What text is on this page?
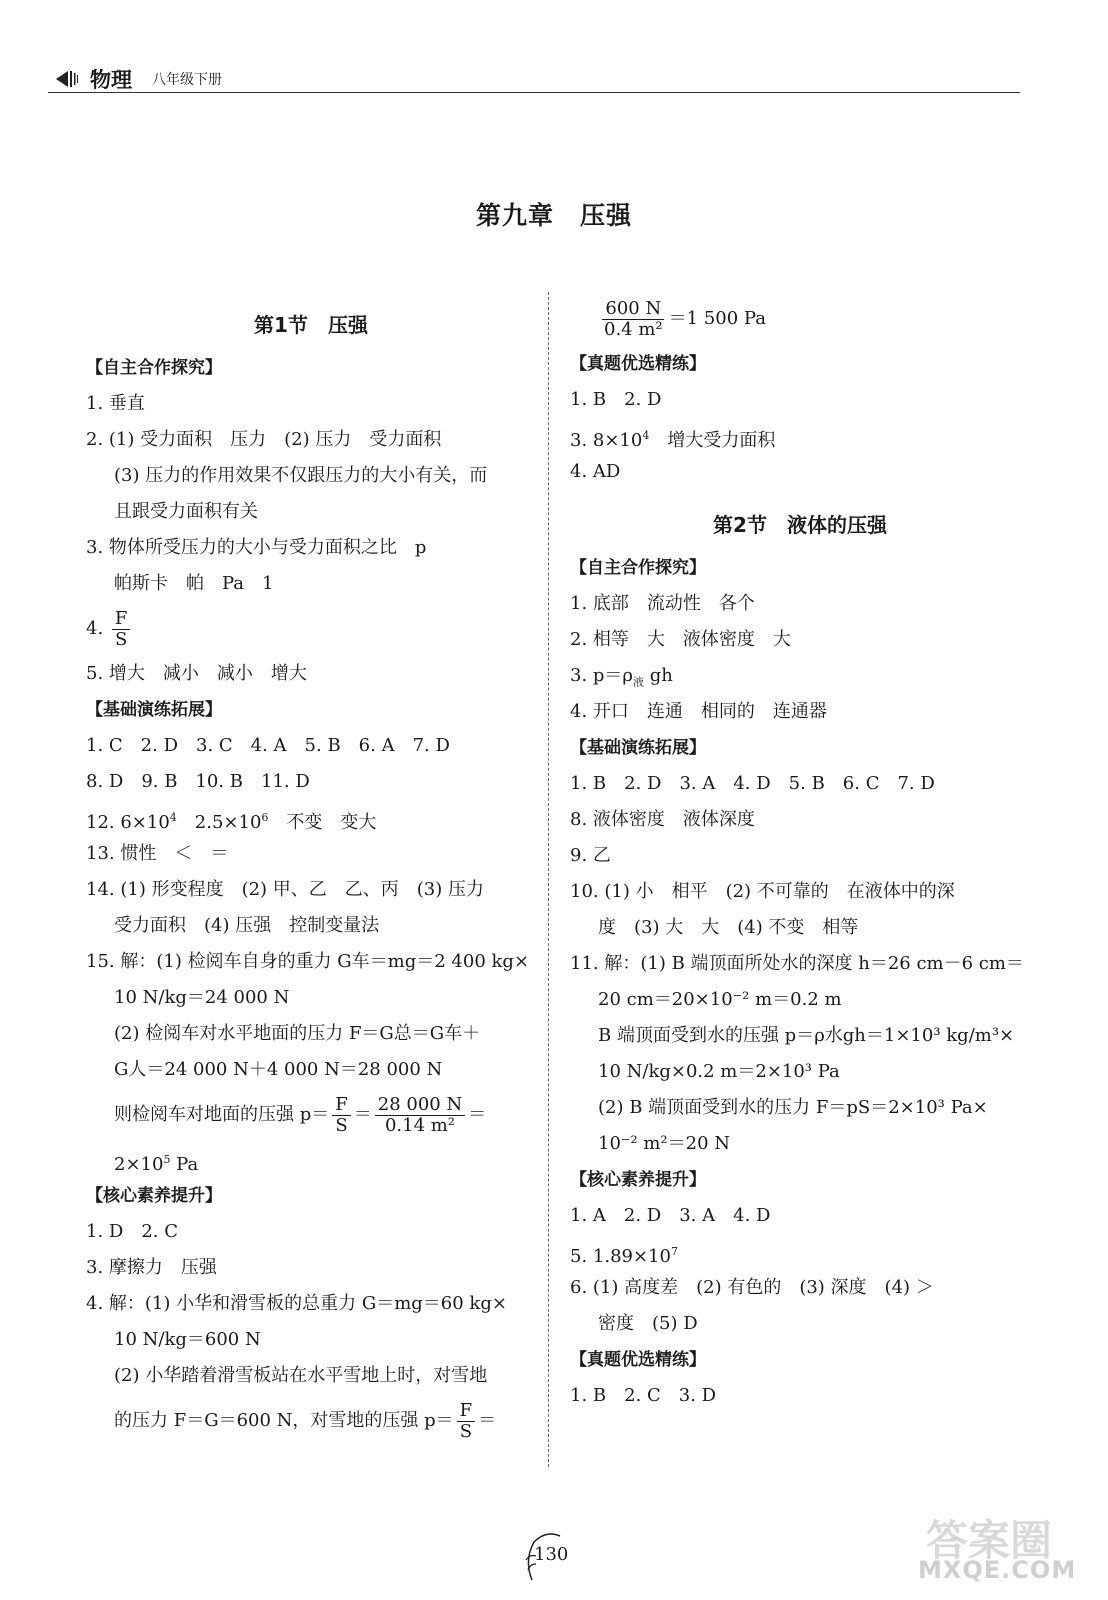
物理 八年级下册
第九章　压强
第1节　压强
【自主合作探究】
1. 垂直
2. (1) 受力面积　压力　(2) 压力　受力面积
(3) 压力的作用效果不仅跟压力的大小有关，而
且跟受力面积有关
3. 物体所受压力的大小与受力面积之比　p
帕斯卡　帕　Pa　1
4. $\frac{F}{S}$
5. 增大　减小　减小　增大
【基础演练拓展】
1. C　2. D　3. C　4. A　5. B　6. A　7. D
8. D　9. B　10. B　11. D
12. $6\times 10^4$　$2.5\times 10^6$　不变　变大
13. 惯性　＜　＝
14. (1) 形变程度　(2) 甲、乙　乙、丙　(3) 压力
受力面积　(4) 压强　控制变量法
15. 解：(1) 检阅车自身的重力 G车＝mg＝2 400 kg×
10 N/kg＝24 000 N
(2) 检阅车对水平地面的压力 F＝G总＝G车＋
G人＝24 000 N＋4 000 N＝28 000 N
则检阅车对地面的压强 $p= \frac{F}{S} = \frac{28 000 N}{\text{0.14 m²}}$ ＝
$2\times 10^5$ Pa
【核心素养提升】
1. D　2. C
3. 摩擦力　压强
4. 解：(1) 小华和滑雪板的总重力 G＝mg＝60 kg×
10 N/kg＝600 N
(2) 小华踏着滑雪板站在水平雪地上时，对雪地
的压力 F＝G＝600 N，对雪地的压强 $p= \frac{F}{S}$ ＝
$\frac{600 N}{\text{0.4 m²}} =1$ 500 Pa
【真题优选精练】
1. B　2. D
3. $8\times 10^4$　增大受力面积
4. AD
第2节　液体的压强
【自主合作探究】
1. 底部　流动性　各个
2. 相等　大　液体密度　大
3. $p=\rho_液$ gh
4. 开口　连通　相同的　连通器
【基础演练拓展】
1. B　2. D　3. A　4. D　5. B　6. C　7. D
8. 液体密度　液体深度
9. 乙
10. (1) 小　相平　(2) 不可靠的　在液体中的深
度　(3) 大　大　(4) 不变　相等
11. 解：(1) B 端顶面所处水的深度 h＝26 cm－6 cm＝
20 cm＝20×10⁻² m＝0.2 m
B 端顶面受到水的压强 p＝ρ水gh＝1×10³ kg/m³×
10 N/kg×0.2 m＝2×10³ Pa
(2) B 端顶面受到水的压力 F＝pS＝2×10³ Pa×
10⁻² m²＝20 N
【核心素养提升】
1. A　2. D　3. A　4. D
5. $1.89\times 10^7$
6. (1) 高度差　(2) 有色的　(3) 深度　(4) ＞
密度　(5) D
【真题优选精练】
1. B　2. C　3. D
130	答案圈
MXQE.COM
